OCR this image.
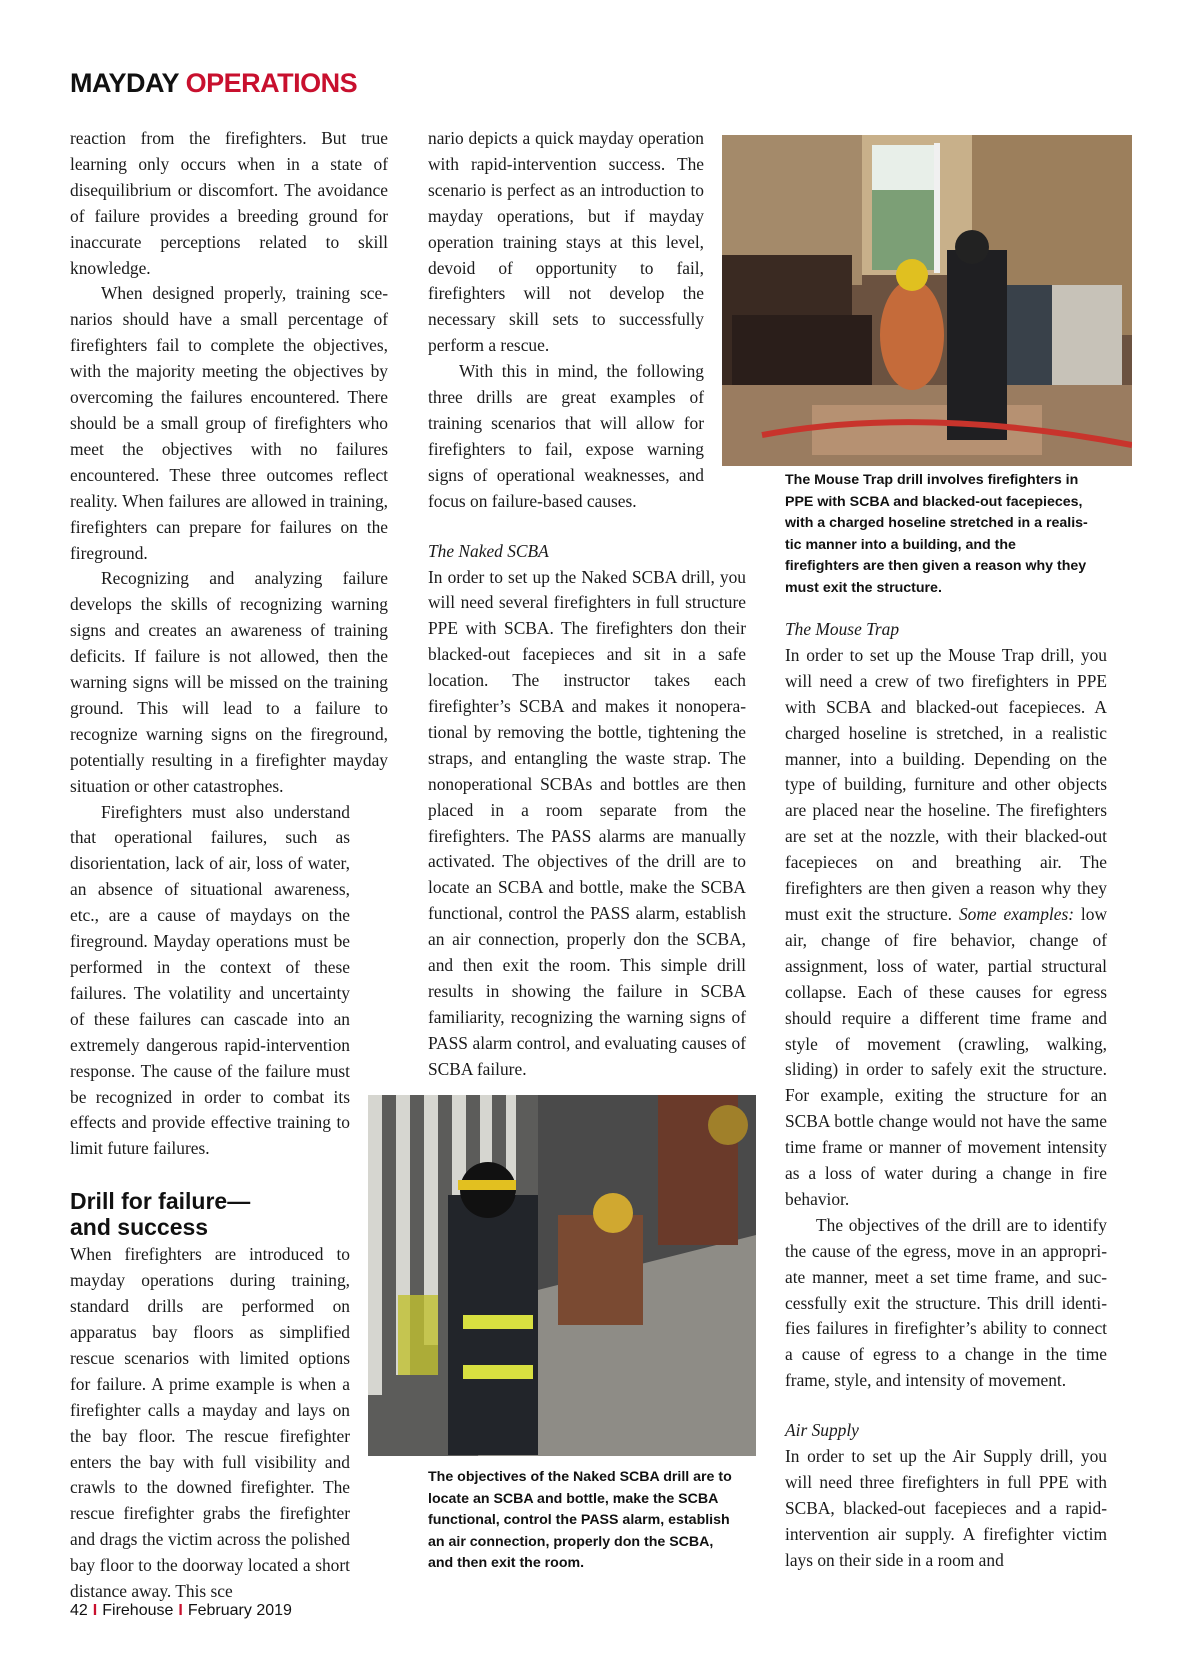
MAYDAY OPERATIONS

reaction from the firefighters. But true learning only occurs when in a state of disequilibrium or discomfort. The avoidance of failure provides a breeding ground for inaccurate perceptions related to skill knowledge.

When designed properly, training scenarios should have a small percentage of firefighters fail to complete the objectives, with the majority meeting the objectives by overcoming the failures encountered. There should be a small group of firefighters who meet the objectives with no failures encountered. These three outcomes reflect reality. When failures are allowed in training, firefighters can prepare for failures on the fireground.

Recognizing and analyzing failure develops the skills of recognizing warning signs and creates an awareness of training deficits. If failure is not allowed, then the warning signs will be missed on the training ground. This will lead to a failure to recognize warning signs on the fireground, potentially resulting in a firefighter mayday situation or other catastrophes.

Firefighters must also understand that operational failures, such as disorientation, lack of air, loss of water, an absence of situational awareness, etc., are a cause of maydays on the fireground. Mayday operations must be performed in the context of these failures. The volatility and uncertainty of these failures can cascade into an extremely dangerous rapid-intervention response. The cause of the failure must be recognized in order to combat its effects and provide effective training to limit future failures.

Drill for failure— and success

When firefighters are introduced to mayday operations during training, standard drills are performed on apparatus bay floors as simplified rescue scenarios with limited options for failure. A prime example is when a firefighter calls a mayday and lays on the bay floor. The rescue firefighter enters the bay with full visibility and crawls to the downed firefighter. The rescue firefighter grabs the firefighter and drags the victim across the polished bay floor to the doorway located a short distance away. This sce

nario depicts a quick mayday operation with rapid-intervention success. The scenario is perfect as an introduction to mayday operations, but if mayday operation training stays at this level, devoid of opportunity to fail, firefighters will not develop the necessary skill sets to successfully perform a rescue.

With this in mind, the following three drills are great examples of training scenarios that will allow for firefighters to fail, expose warning signs of operational weaknesses, and focus on failure-based causes.

The Naked SCBA

In order to set up the Naked SCBA drill, you will need several firefighters in full structure PPE with SCBA. The firefighters don their blacked-out facepieces and sit in a safe location. The instructor takes each firefighter’s SCBA and makes it nonoperational by removing the bottle, tightening the straps, and entangling the waste strap. The nonoperational SCBAs and bottles are then placed in a room separate from the firefighters. The PASS alarms are manually activated. The objectives of the drill are to locate an SCBA and bottle, make the SCBA functional, control the PASS alarm, establish an air connection, properly don the SCBA, and then exit the room. This simple drill results in showing the failure in SCBA familiarity, recognizing the warning signs of PASS alarm control, and evaluating causes of SCBA failure.

The Mouse Trap drill involves firefighters in PPE with SCBA and blacked-out facepieces, with a charged hoseline stretched in a realistic manner into a building, and the firefighters are then given a reason why they must exit the structure.

The Mouse Trap

In order to set up the Mouse Trap drill, you will need a crew of two firefighters in PPE with SCBA and blacked-out facepieces. A charged hoseline is stretched, in a realistic manner, into a building. Depending on the type of building, furniture and other objects are placed near the hoseline. The firefighters are set at the nozzle, with their blacked-out facepieces on and breathing air. The firefighters are then given a reason why they must exit the structure. Some examples: low air, change of fire behavior, change of assignment, loss of water, partial structural collapse. Each of these causes for egress should require a different time frame and style of movement (crawling, walking, sliding) in order to safely exit the structure. For example, exiting the structure for an SCBA bottle change would not have the same time frame or manner of movement intensity as a loss of water during a change in fire behavior.

The objectives of the drill are to identify the cause of the egress, move in an appropriate manner, meet a set time frame, and successfully exit the structure. This drill identifies failures in firefighter’s ability to connect a cause of egress to a change in the time frame, style, and intensity of movement.

Air Supply

In order to set up the Air Supply drill, you will need three firefighters in full PPE with SCBA, blacked-out facepieces and a rapid-intervention air supply. A firefighter victim lays on their side in a room and

The objectives of the Naked SCBA drill are to locate an SCBA and bottle, make the SCBA functional, control the PASS alarm, establish an air connection, properly don the SCBA, and then exit the room.

42 I Firehouse I February 2019
